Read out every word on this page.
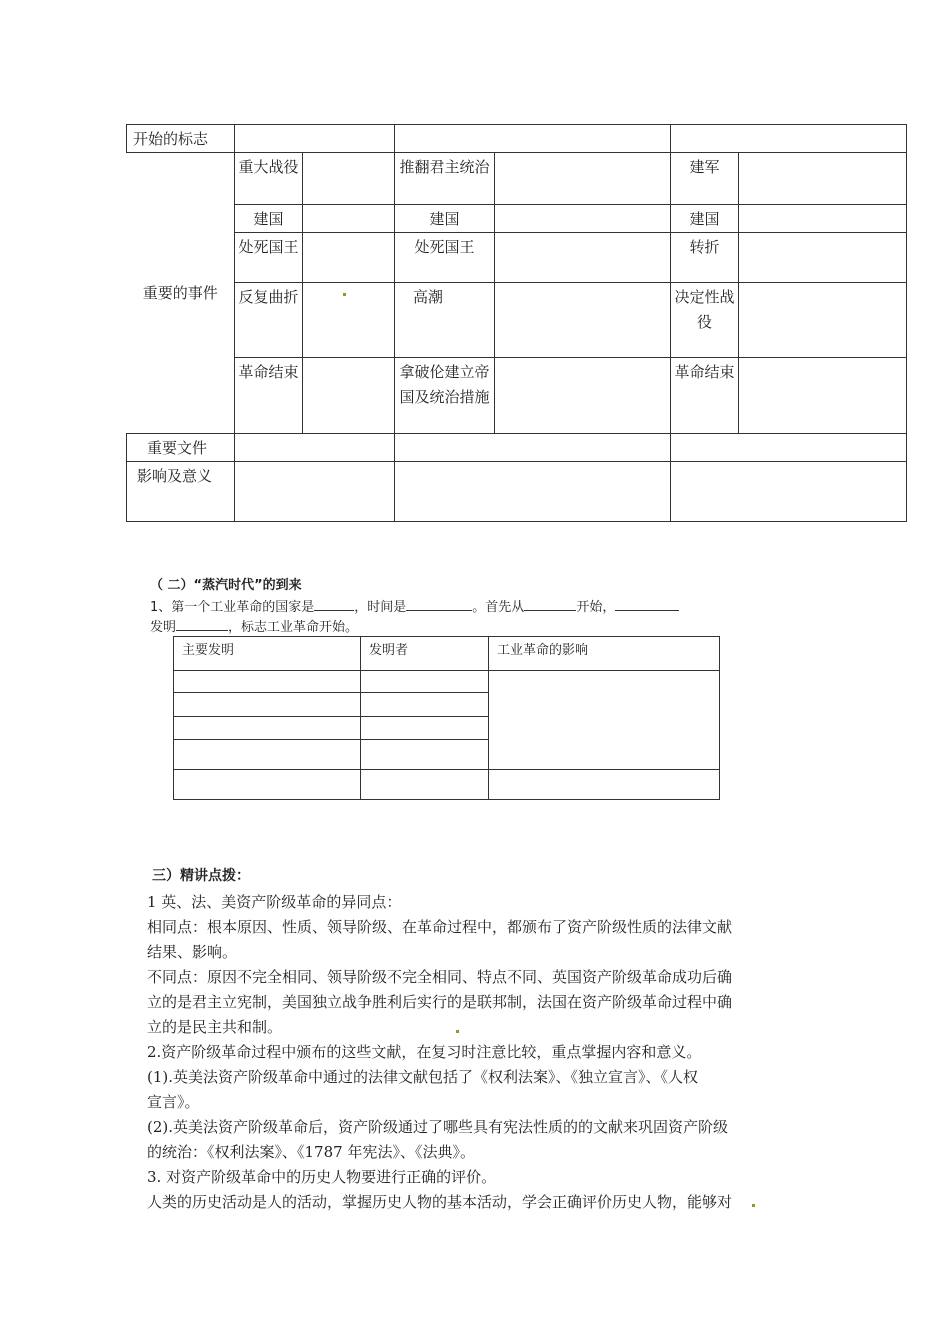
开始的标志						
重要的事件	重大战役		推翻君主统治		建军	
	建国		建国		建国	
	处死国王		处死国王		转折	
	反复曲折		高潮		决定性战役	
	革命结束		拿破伦建立帝国及统治措施		革命结束	
重要文件						
影响及意义						
（ 二）“蒸汽时代”的到来
1、第一个工业革命的国家是	，时间是	。首先从	开始，
发明	，标志工业革命开始。
主要发明	发明者	工业革命的影响

三）精讲点拨：
1 英、法、美资产阶级革命的异同点：
相同点：根本原因、性质、领导阶级、在革命过程中，都颁布了资产阶级性质的法律文献
结果、影响。
不同点：原因不完全相同、领导阶级不完全相同、特点不同、英国资产阶级革命成功后确
立的是君主立宪制，美国独立战争胜利后实行的是联邦制，法国在资产阶级革命过程中确
立的是民主共和制。
2.资产阶级革命过程中颁布的这些文献，在复习时注意比较，重点掌握内容和意义。
(1).英美法资产阶级革命中通过的法律文献包括了《权利法案》、《独立宣言》、《人权
宣言》。
(2).英美法资产阶级革命后，资产阶级通过了哪些具有宪法性质的的文献来巩固资产阶级
的统治：《权利法案》、《1787 年宪法》、《法典》。
3. 对资产阶级革命中的历史人物要进行正确的评价。
人类的历史活动是人的活动，掌握历史人物的基本活动，学会正确评价历史人物，能够对
